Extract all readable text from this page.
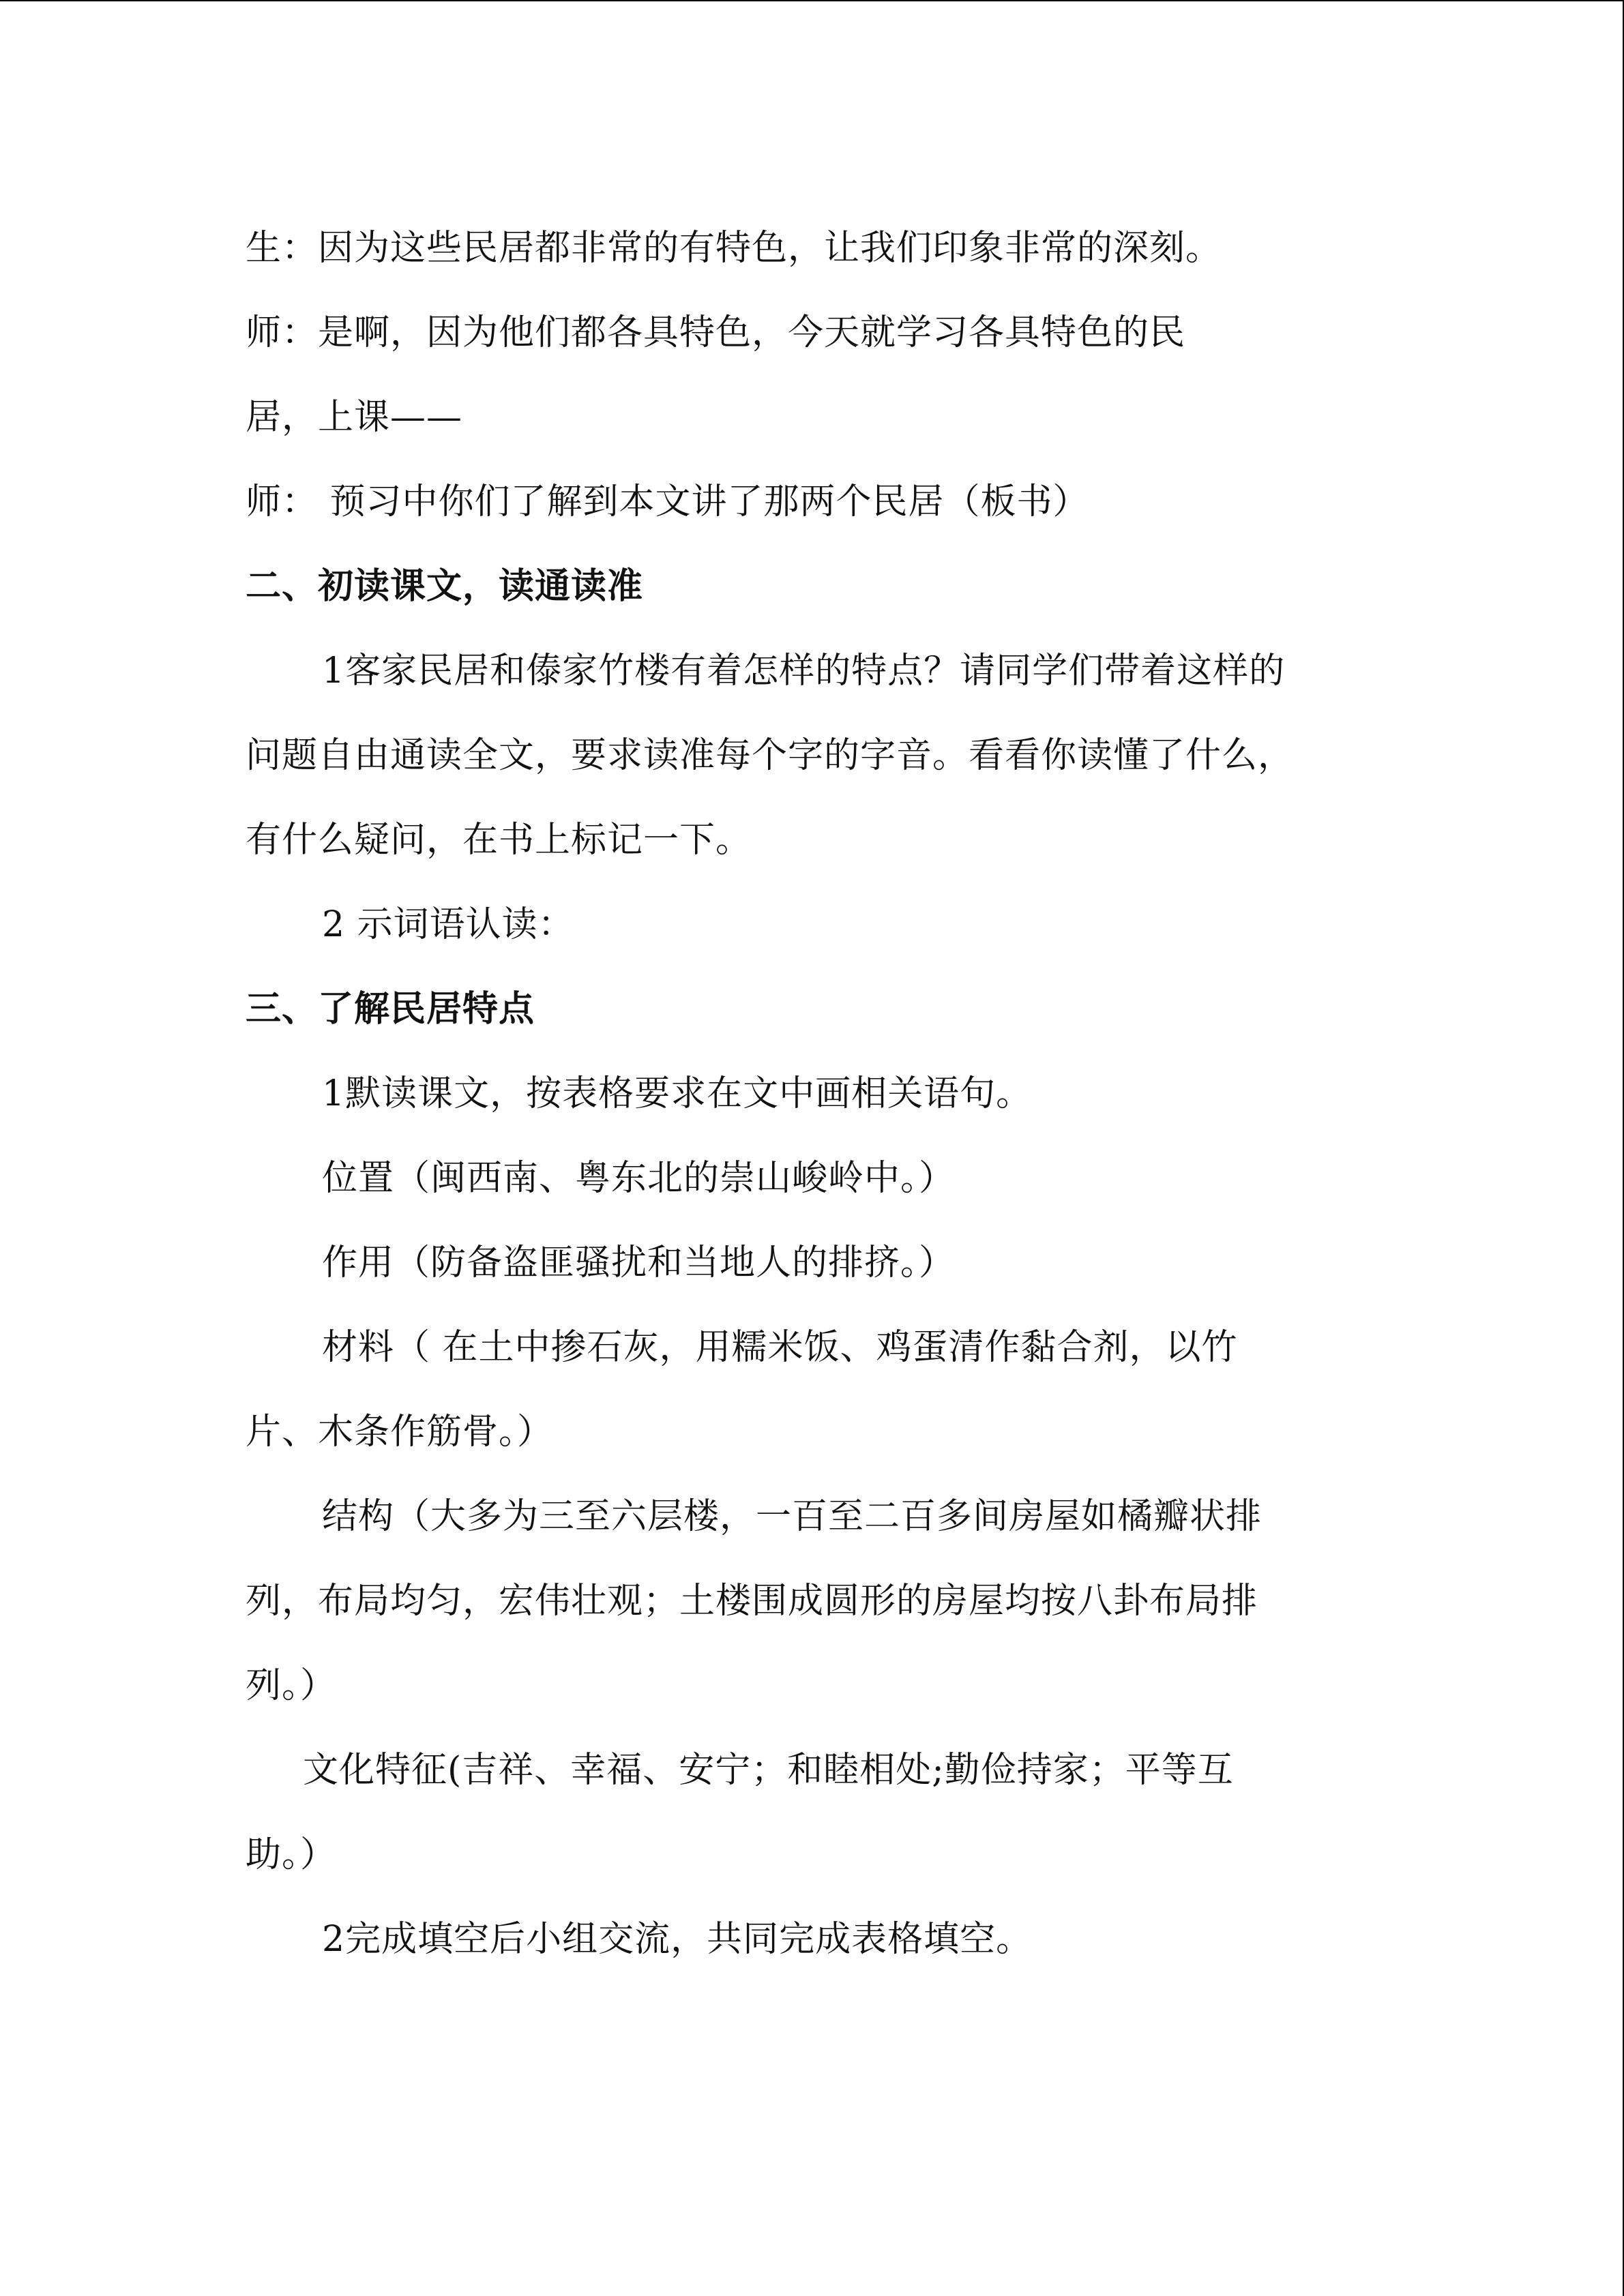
生：因为这些民居都非常的有特色，让我们印象非常的深刻。
师：是啊，因为他们都各具特色，今天就学习各具特色的民
居，上课——
师： 预习中你们了解到本文讲了那两个民居（板书）
二、初读课文，读通读准
1客家民居和傣家竹楼有着怎样的特点？请同学们带着这样的
问题自由通读全文，要求读准每个字的字音。看看你读懂了什么，
有什么疑问，在书上标记一下。
2 示词语认读：
三、了解民居特点
1默读课文，按表格要求在文中画相关语句。
位置（闽西南、粤东北的崇山峻岭中。）
作用（防备盗匪骚扰和当地人的排挤。）
材料（ 在土中掺石灰，用糯米饭、鸡蛋清作黏合剂，以竹
片、木条作筋骨。）
结构（大多为三至六层楼，一百至二百多间房屋如橘瓣状排
列，布局均匀，宏伟壮观；土楼围成圆形的房屋均按八卦布局排
列。）
文化特征(吉祥、幸福、安宁；和睦相处;勤俭持家；平等互
助。）
2完成填空后小组交流，共同完成表格填空。
